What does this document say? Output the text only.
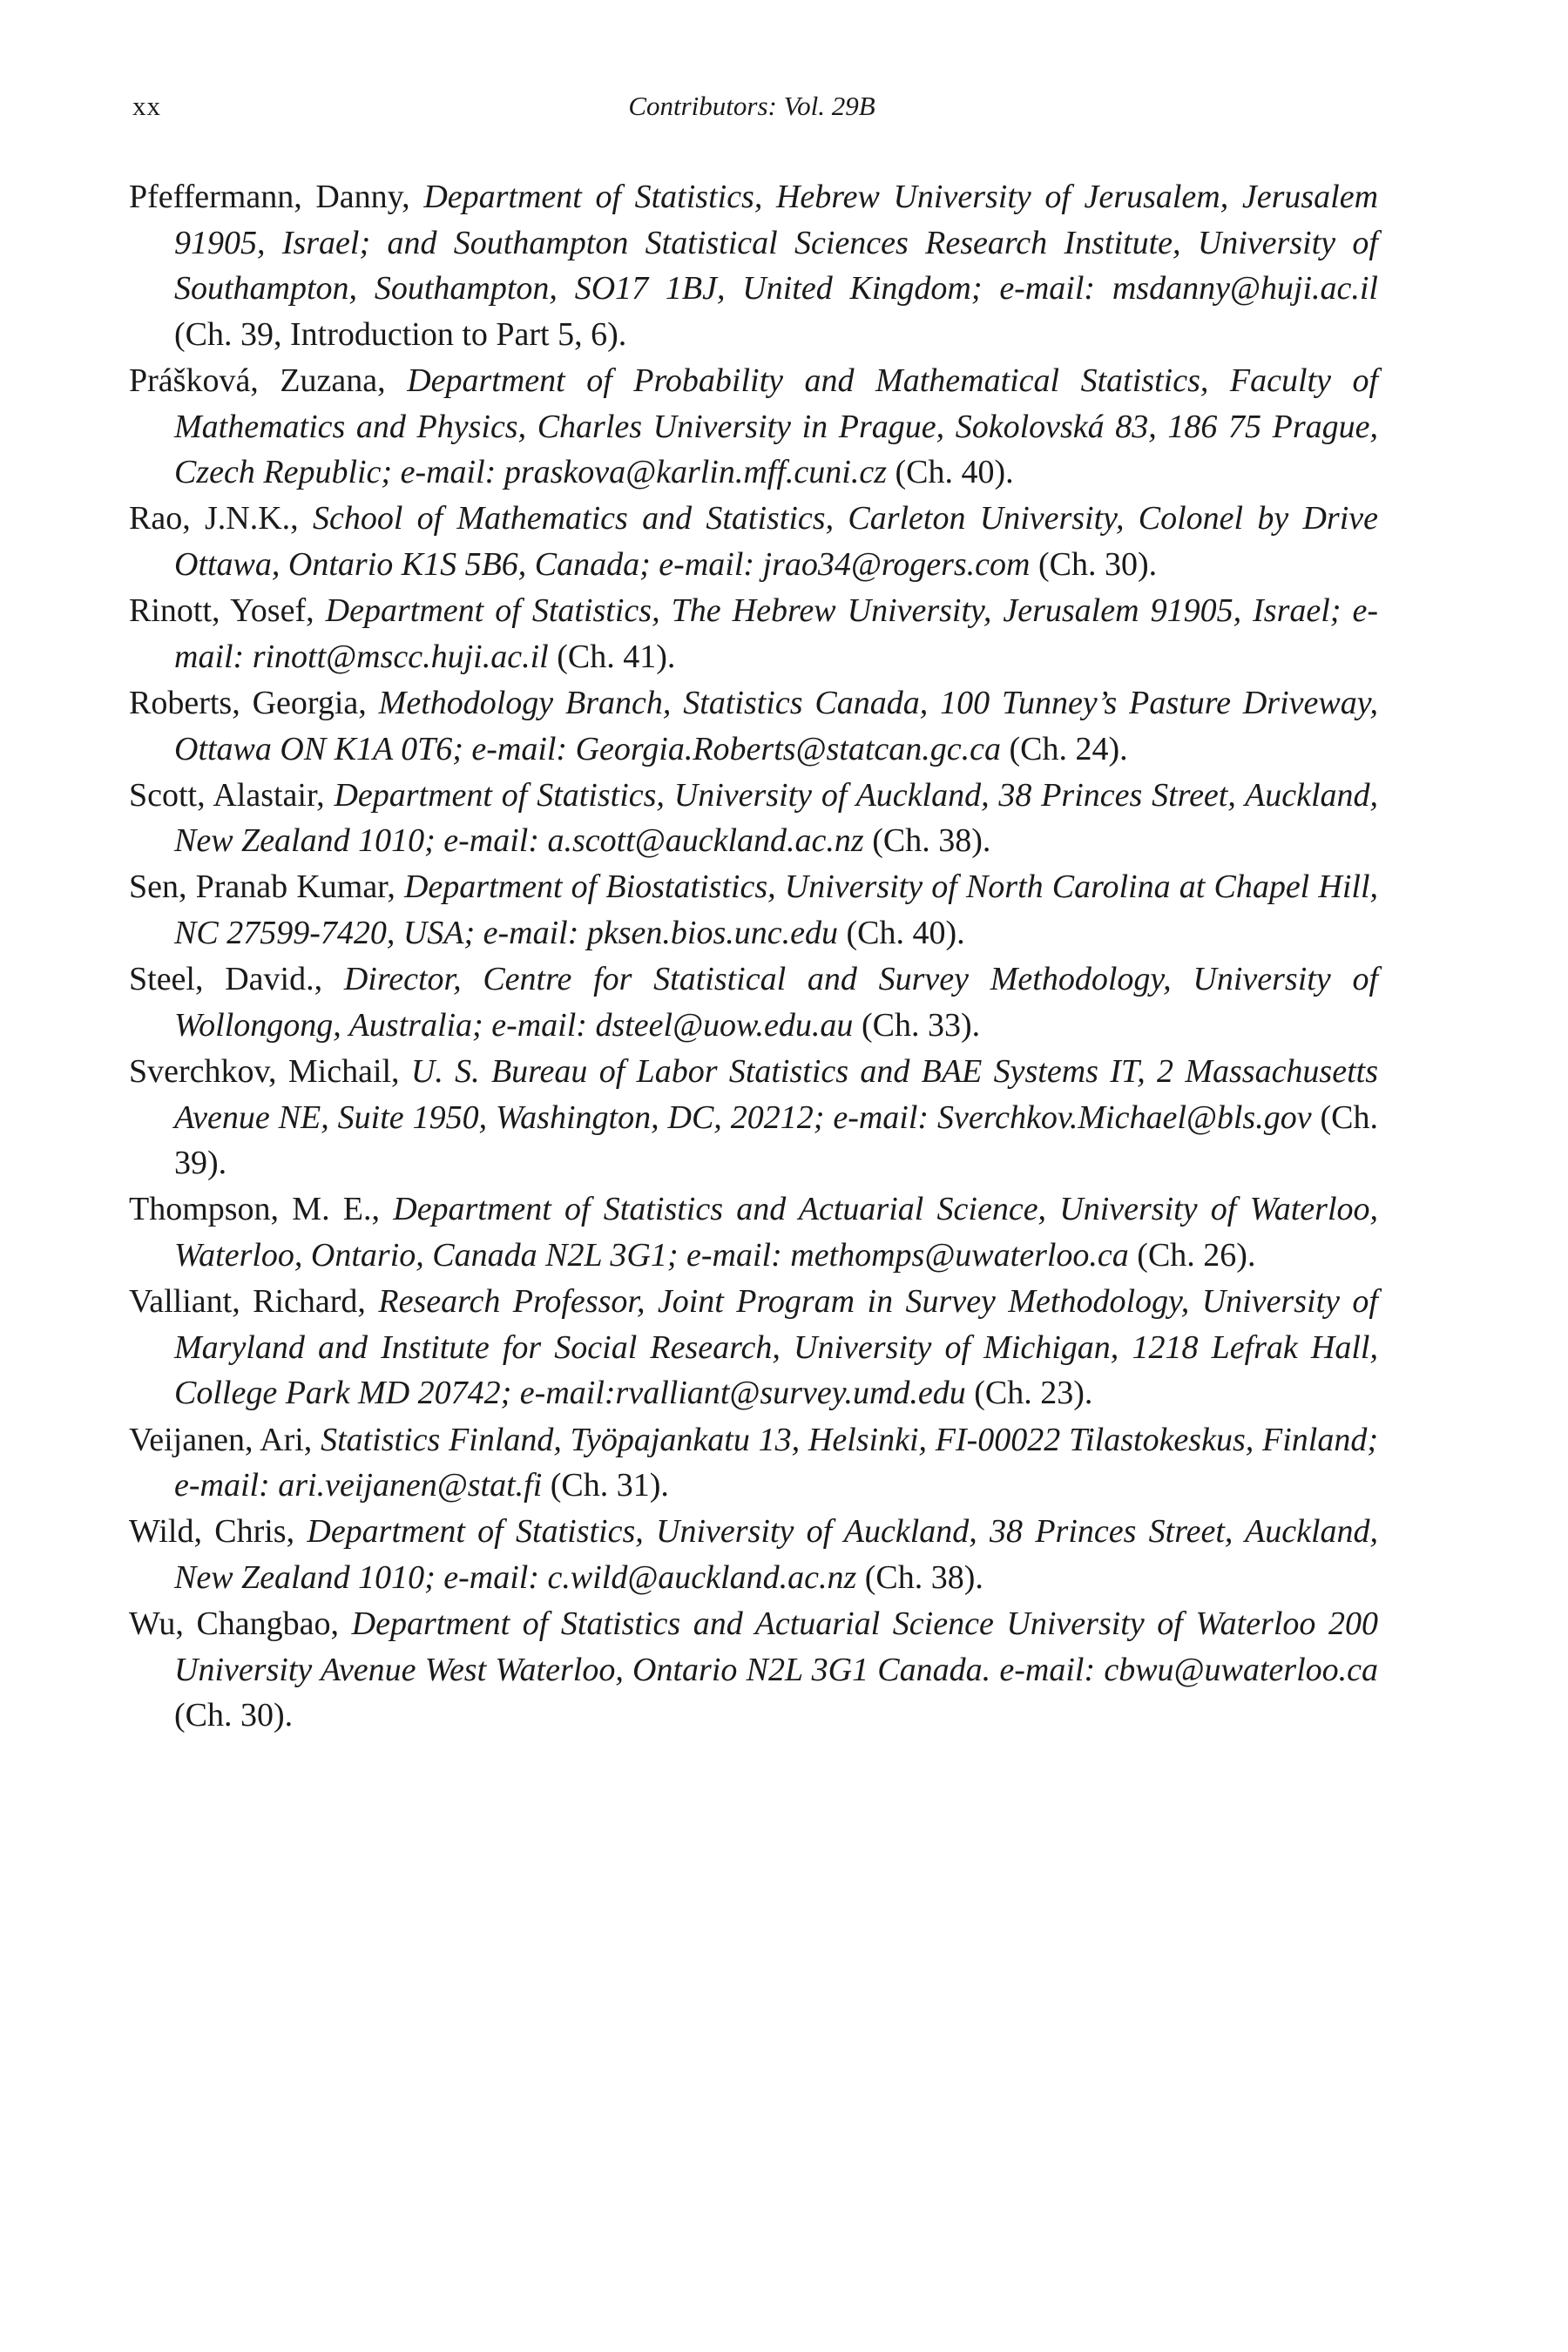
xx	Contributors: Vol. 29B

Pfeffermann, Danny, Department of Statistics, Hebrew University of Jerusalem, Jerusalem 91905, Israel; and Southampton Statistical Sciences Research Institute, University of Southampton, Southampton, SO17 1BJ, United Kingdom; e-mail: msdanny@huji.ac.il (Ch. 39, Introduction to Part 5, 6).

Prášková, Zuzana, Department of Probability and Mathematical Statistics, Faculty of Mathematics and Physics, Charles University in Prague, Sokolovská 83, 186 75 Prague, Czech Republic; e-mail: praskova@karlin.mff.cuni.cz (Ch. 40).

Rao, J.N.K., School of Mathematics and Statistics, Carleton University, Colonel by Drive Ottawa, Ontario K1S 5B6, Canada; e-mail: jrao34@rogers.com (Ch. 30).

Rinott, Yosef, Department of Statistics, The Hebrew University, Jerusalem 91905, Israel; e-mail: rinott@mscc.huji.ac.il (Ch. 41).

Roberts, Georgia, Methodology Branch, Statistics Canada, 100 Tunney’s Pasture Driveway, Ottawa ON K1A 0T6; e-mail: Georgia.Roberts@statcan.gc.ca (Ch. 24).

Scott, Alastair, Department of Statistics, University of Auckland, 38 Princes Street, Auckland, New Zealand 1010; e-mail: a.scott@auckland.ac.nz (Ch. 38).

Sen, Pranab Kumar, Department of Biostatistics, University of North Carolina at Chapel Hill, NC 27599-7420, USA; e-mail: pksen.bios.unc.edu (Ch. 40).

Steel, David., Director, Centre for Statistical and Survey Methodology, University of Wollongong, Australia; e-mail: dsteel@uow.edu.au (Ch. 33).

Sverchkov, Michail, U. S. Bureau of Labor Statistics and BAE Systems IT, 2 Massachusetts Avenue NE, Suite 1950, Washington, DC, 20212; e-mail: Sverchkov.Michael@bls.gov (Ch. 39).

Thompson, M. E., Department of Statistics and Actuarial Science, University of Waterloo, Waterloo, Ontario, Canada N2L 3G1; e-mail: methomps@uwaterloo.ca (Ch. 26).

Valliant, Richard, Research Professor, Joint Program in Survey Methodology, University of Maryland and Institute for Social Research, University of Michigan, 1218 Lefrak Hall, College Park MD 20742; e-mail:rvalliant@survey.umd.edu (Ch. 23).

Veijanen, Ari, Statistics Finland, Työpajankatu 13, Helsinki, FI-00022 Tilastokeskus, Finland; e-mail: ari.veijanen@stat.fi (Ch. 31).

Wild, Chris, Department of Statistics, University of Auckland, 38 Princes Street, Auckland, New Zealand 1010; e-mail: c.wild@auckland.ac.nz (Ch. 38).

Wu, Changbao, Department of Statistics and Actuarial Science University of Waterloo 200 University Avenue West Waterloo, Ontario N2L 3G1 Canada. e-mail: cbwu@uwaterloo.ca (Ch. 30).
